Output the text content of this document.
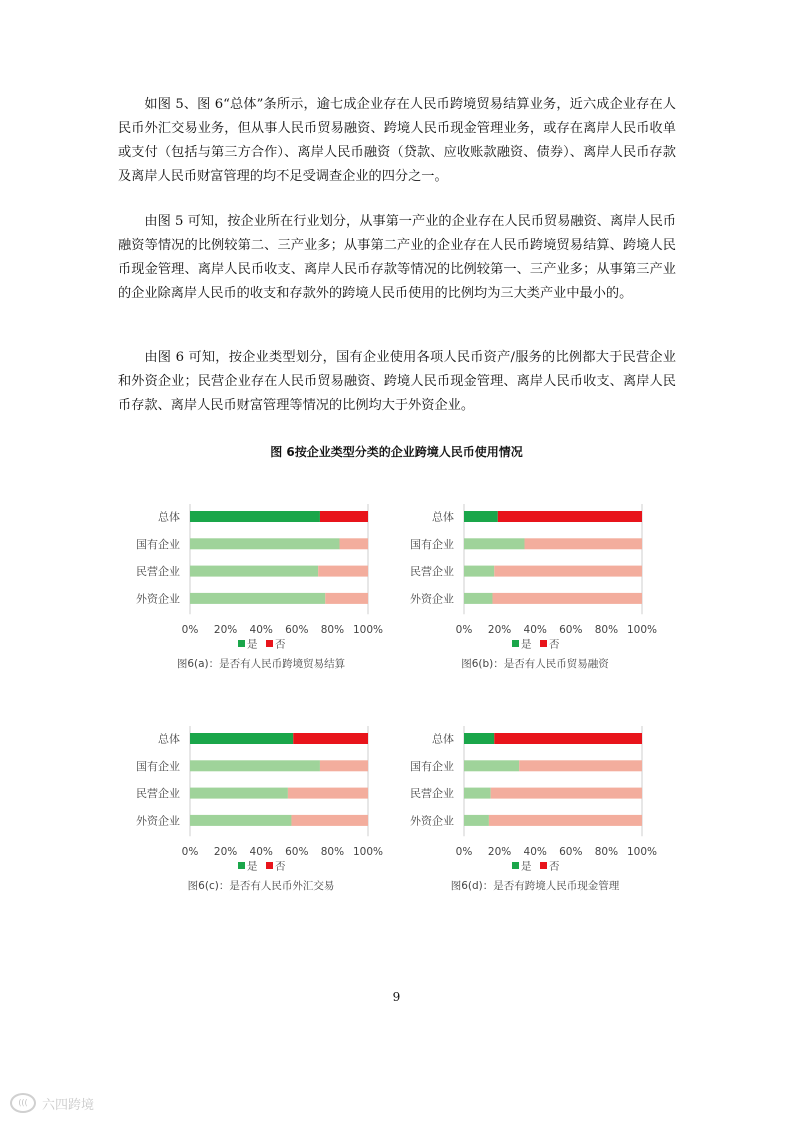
如图 5、图 6“总体”条所示，逾七成企业存在人民币跨境贸易结算业务，近六成企业存在人民币外汇交易业务，但从事人民币贸易融资、跨境人民币现金管理业务，或存在离岸人民币收单或支付（包括与第三方合作）、离岸人民币融资（贷款、应收账款融资、债券）、离岸人民币存款及离岸人民币财富管理的均不足受调查企业的四分之一。

由图 5 可知，按企业所在行业划分，从事第一产业的企业存在人民币贸易融资、离岸人民币融资等情况的比例较第二、三产业多；从事第二产业的企业存在人民币跨境贸易结算、跨境人民币现金管理、离岸人民币收支、离岸人民币存款等情况的比例较第一、三产业多；从事第三产业的企业除离岸人民币的收支和存款外的跨境人民币使用的比例均为三大类产业中最小的。

由图 6 可知，按企业类型划分，国有企业使用各项人民币资产/服务的比例都大于民营企业和外资企业；民营企业存在人民币贸易融资、跨境人民币现金管理、离岸人民币收支、离岸人民币存款、离岸人民币财富管理等情况的比例均大于外资企业。

图 6按企业类型分类的企业跨境人民币使用情况
总体
国有企业
民营企业
外资企业
0% 20% 40% 60% 80% 100%
是 否
图6(a)：是否有人民币跨境贸易结算
总体
国有企业
民营企业
外资企业
0% 20% 40% 60% 80% 100%
是 否
图6(b)：是否有人民币贸易融资
总体
国有企业
民营企业
外资企业
0% 20% 40% 60% 80% 100%
是 否
图6(c)：是否有人民币外汇交易
总体
国有企业
民营企业
外资企业
0% 20% 40% 60% 80% 100%
是 否
图6(d)：是否有跨境人民币现金管理
9
(((	六四跨境
